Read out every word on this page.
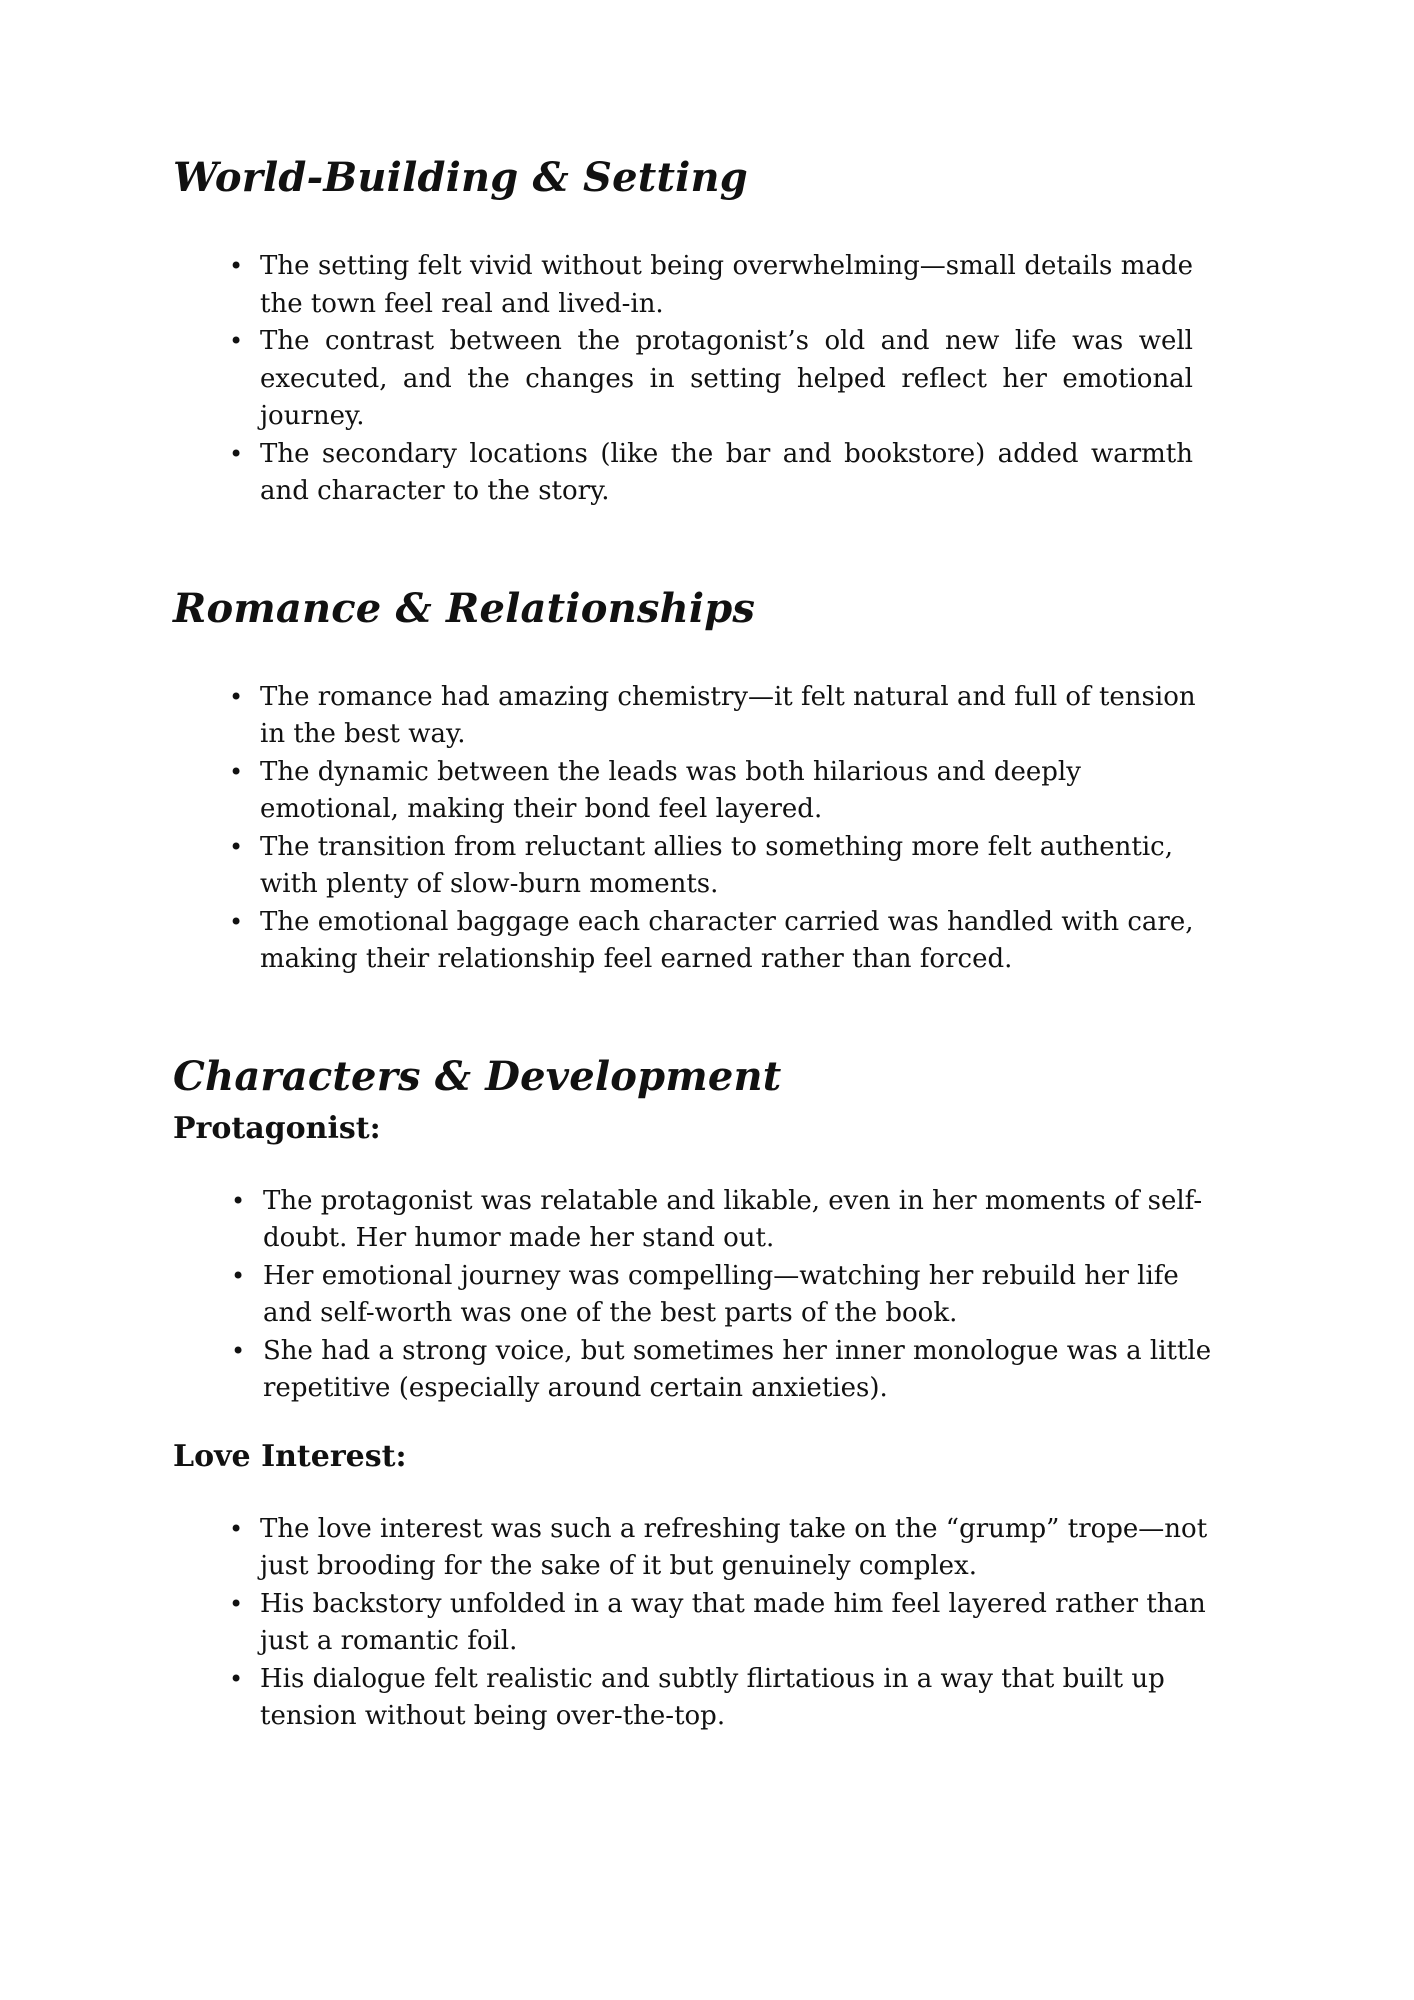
World-Building & Setting
• The setting felt vivid without being overwhelming—small details made the town feel real and lived-in.
• The contrast between the protagonist’s old and new life was well executed, and the changes in setting helped reflect her emotional journey.
• The secondary locations (like the bar and bookstore) added warmth and character to the story.
Romance & Relationships
• The romance had amazing chemistry—it felt natural and full of tension in the best way.
• The dynamic between the leads was both hilarious and deeply emotional, making their bond feel layered.
• The transition from reluctant allies to something more felt authentic, with plenty of slow-burn moments.
• The emotional baggage each character carried was handled with care, making their relationship feel earned rather than forced.
Characters & Development
Protagonist:
• The protagonist was relatable and likable, even in her moments of self-doubt. Her humor made her stand out.
• Her emotional journey was compelling—watching her rebuild her life and self-worth was one of the best parts of the book.
• She had a strong voice, but sometimes her inner monologue was a little repetitive (especially around certain anxieties).
Love Interest:
• The love interest was such a refreshing take on the “grump” trope—not just brooding for the sake of it but genuinely complex.
• His backstory unfolded in a way that made him feel layered rather than just a romantic foil.
• His dialogue felt realistic and subtly flirtatious in a way that built up tension without being over-the-top.
